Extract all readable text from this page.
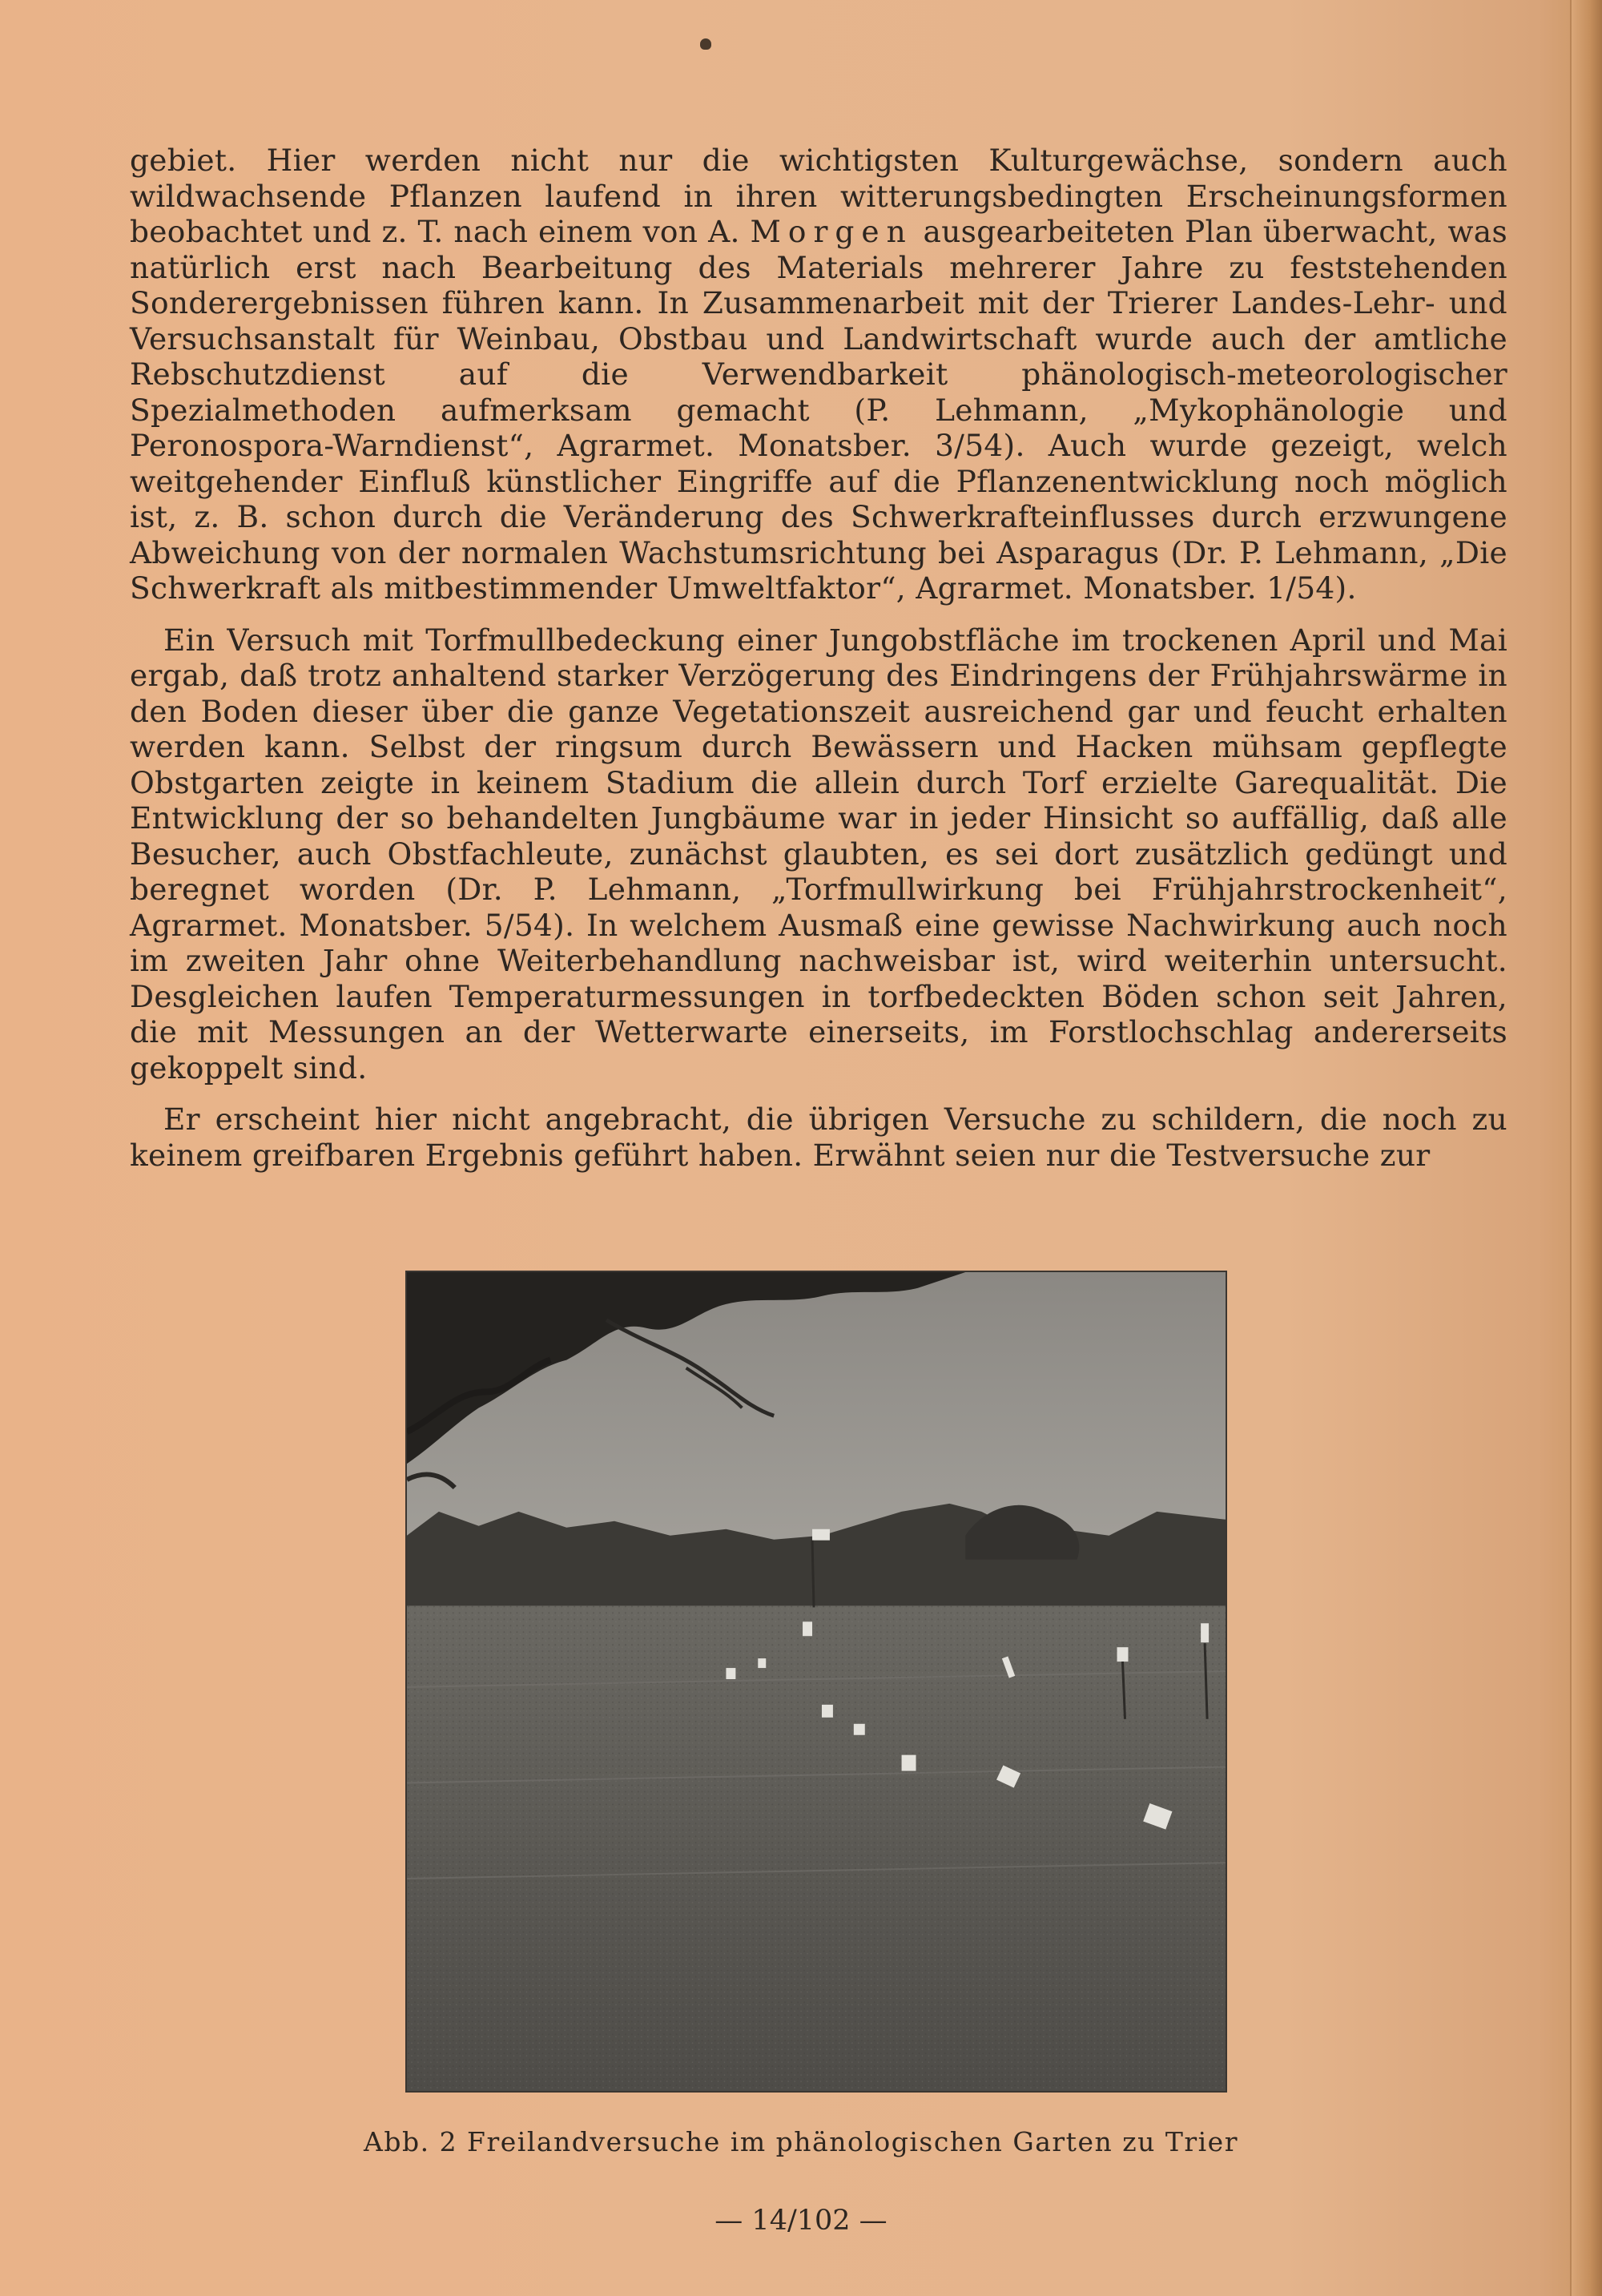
gebiet. Hier werden nicht nur die wichtigsten Kulturgewächse, sondern auch wildwachsende Pflanzen laufend in ihren witterungsbedingten Erscheinungsformen beobachtet und z. T. nach einem von A. Morgen ausgearbeiteten Plan überwacht, was natürlich erst nach Bearbeitung des Materials mehrerer Jahre zu feststehenden Sonderergebnissen führen kann. In Zusammenarbeit mit der Trierer Landes-Lehr- und Versuchsanstalt für Weinbau, Obstbau und Landwirtschaft wurde auch der amtliche Rebschutzdienst auf die Verwendbarkeit phänologisch-meteorologischer Spezialmethoden aufmerksam gemacht (P. Lehmann, „Mykophänologie und Peronospora-Warndienst“, Agrarmet. Monatsber. 3/54). Auch wurde gezeigt, welch weitgehender Einfluß künstlicher Eingriffe auf die Pflanzenentwicklung noch möglich ist, z. B. schon durch die Veränderung des Schwerkrafteinflusses durch erzwungene Abweichung von der normalen Wachstumsrichtung bei Asparagus (Dr. P. Lehmann, „Die Schwerkraft als mitbestimmender Umweltfaktor“, Agrarmet. Monatsber. 1/54).

Ein Versuch mit Torfmullbedeckung einer Jungobstfläche im trockenen April und Mai ergab, daß trotz anhaltend starker Verzögerung des Eindringens der Frühjahrswärme in den Boden dieser über die ganze Vegetationszeit ausreichend gar und feucht erhalten werden kann. Selbst der ringsum durch Bewässern und Hacken mühsam gepflegte Obstgarten zeigte in keinem Stadium die allein durch Torf erzielte Garequalität. Die Entwicklung der so behandelten Jungbäume war in jeder Hinsicht so auffällig, daß alle Besucher, auch Obstfachleute, zunächst glaubten, es sei dort zusätzlich gedüngt und beregnet worden (Dr. P. Lehmann, „Torfmullwirkung bei Frühjahrstrockenheit“, Agrarmet. Monatsber. 5/54). In welchem Ausmaß eine gewisse Nachwirkung auch noch im zweiten Jahr ohne Weiterbehandlung nachweisbar ist, wird weiterhin untersucht. Desgleichen laufen Temperaturmessungen in torfbedeckten Böden schon seit Jahren, die mit Messungen an der Wetterwarte einerseits, im Forstlochschlag andererseits gekoppelt sind.

Er erscheint hier nicht angebracht, die übrigen Versuche zu schildern, die noch zu keinem greifbaren Ergebnis geführt haben. Erwähnt seien nur die Testversuche zur

Abb. 2 Freilandversuche im phänologischen Garten zu Trier
— 14/102 —
